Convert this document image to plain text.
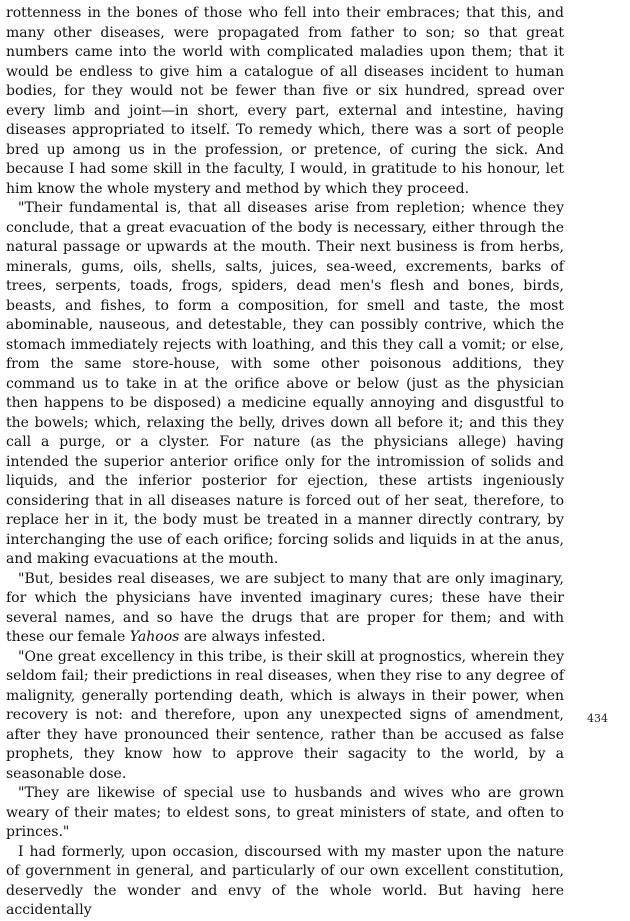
rottenness in the bones of those who fell into their embraces; that this, and many other diseases, were propagated from father to son; so that great numbers came into the world with complicated maladies upon them; that it would be endless to give him a catalogue of all diseases incident to human bodies, for they would not be fewer than five or six hundred, spread over every limb and joint—in short, every part, external and intestine, having diseases appropriated to itself. To remedy which, there was a sort of people bred up among us in the profession, or pretence, of curing the sick. And because I had some skill in the faculty, I would, in gratitude to his honour, let him know the whole mystery and method by which they proceed.

"Their fundamental is, that all diseases arise from repletion; whence they conclude, that a great evacuation of the body is necessary, either through the natural passage or upwards at the mouth. Their next business is from herbs, minerals, gums, oils, shells, salts, juices, sea-weed, excrements, barks of trees, serpents, toads, frogs, spiders, dead men's flesh and bones, birds, beasts, and fishes, to form a composition, for smell and taste, the most abominable, nauseous, and detestable, they can possibly contrive, which the stomach immediately rejects with loathing, and this they call a vomit; or else, from the same store-house, with some other poisonous additions, they command us to take in at the orifice above or below (just as the physician then happens to be disposed) a medicine equally annoying and disgustful to the bowels; which, relaxing the belly, drives down all before it; and this they call a purge, or a clyster. For nature (as the physicians allege) having intended the superior anterior orifice only for the intromission of solids and liquids, and the inferior posterior for ejection, these artists ingeniously considering that in all diseases nature is forced out of her seat, therefore, to replace her in it, the body must be treated in a manner directly contrary, by interchanging the use of each orifice; forcing solids and liquids in at the anus, and making evacuations at the mouth.

"But, besides real diseases, we are subject to many that are only imaginary, for which the physicians have invented imaginary cures; these have their several names, and so have the drugs that are proper for them; and with these our female Yahoos are always infested.

"One great excellency in this tribe, is their skill at prognostics, wherein they seldom fail; their predictions in real diseases, when they rise to any degree of malignity, generally portending death, which is always in their power, when recovery is not: and therefore, upon any unexpected signs of amendment, after they have pronounced their sentence, rather than be accused as false prophets, they know how to approve their sagacity to the world, by a seasonable dose.

"They are likewise of special use to husbands and wives who are grown weary of their mates; to eldest sons, to great ministers of state, and often to princes."

I had formerly, upon occasion, discoursed with my master upon the nature of government in general, and particularly of our own excellent constitution, deservedly the wonder and envy of the whole world. But having here accidentally

434
